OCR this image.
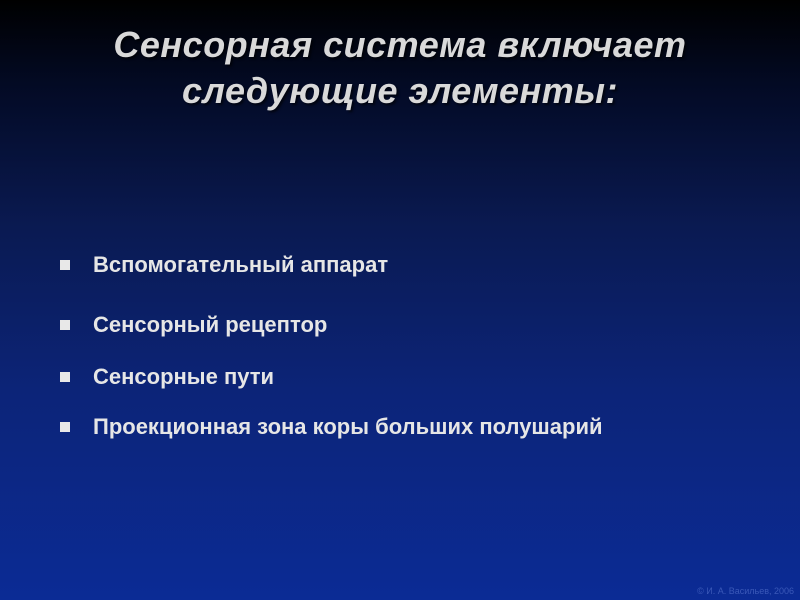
Сенсорная система включает
следующие элементы:
Вспомогательный аппарат
Сенсорный рецептор
Сенсорные пути
Проекционная зона коры больших полушарий
© И. А. Васильев, 2006
